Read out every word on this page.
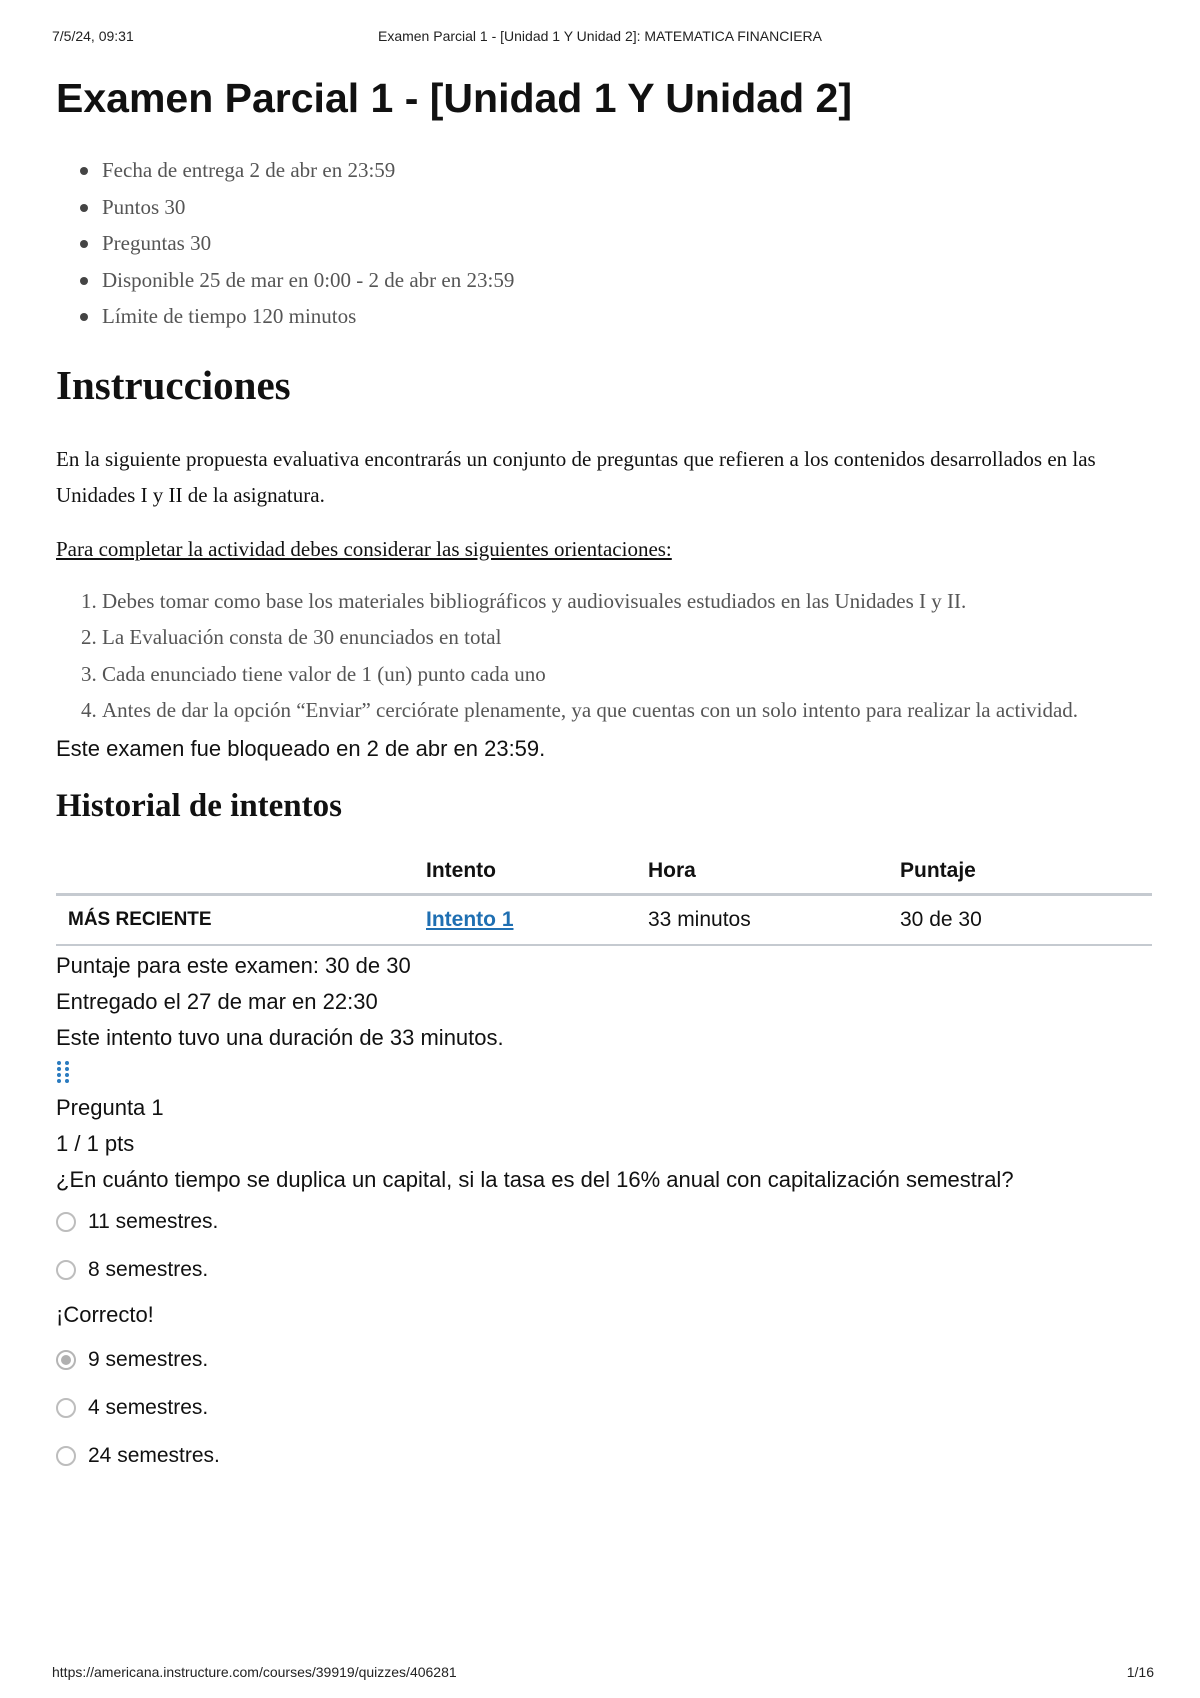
7/5/24, 09:31	Examen Parcial 1 - [Unidad 1 Y Unidad 2]: MATEMATICA FINANCIERA
Examen Parcial 1 - [Unidad 1 Y Unidad 2]
Fecha de entrega 2 de abr en 23:59
Puntos 30
Preguntas 30
Disponible 25 de mar en 0:00 - 2 de abr en 23:59
Límite de tiempo 120 minutos
Instrucciones

En la siguiente propuesta evaluativa encontrarás un conjunto de preguntas que refieren a los contenidos desarrollados en las Unidades I y II de la asignatura.

Para completar la actividad debes considerar las siguientes orientaciones:

1. Debes tomar como base los materiales bibliográficos y audiovisuales estudiados en las Unidades I y II.
2. La Evaluación consta de 30 enunciados en total
3. Cada enunciado tiene valor de 1 (un) punto cada uno
4. Antes de dar la opción “Enviar” cerciórate plenamente, ya que cuentas con un solo intento para realizar la actividad.

Este examen fue bloqueado en 2 de abr en 23:59.

Historial de intentos
	Intento	Hora	Puntaje
MÁS RECIENTE	Intento 1	33 minutos	30 de 30

Puntaje para este examen: 30 de 30

Entregado el 27 de mar en 22:30

Este intento tuvo una duración de 33 minutos.

Pregunta 1

1 / 1 pts

¿En cuánto tiempo se duplica un capital, si la tasa es del 16% anual con capitalización semestral?

11 semestres.
8 semestres.
¡Correcto!
9 semestres.
4 semestres.
24 semestres.
https://americana.instructure.com/courses/39919/quizzes/406281	1/16
